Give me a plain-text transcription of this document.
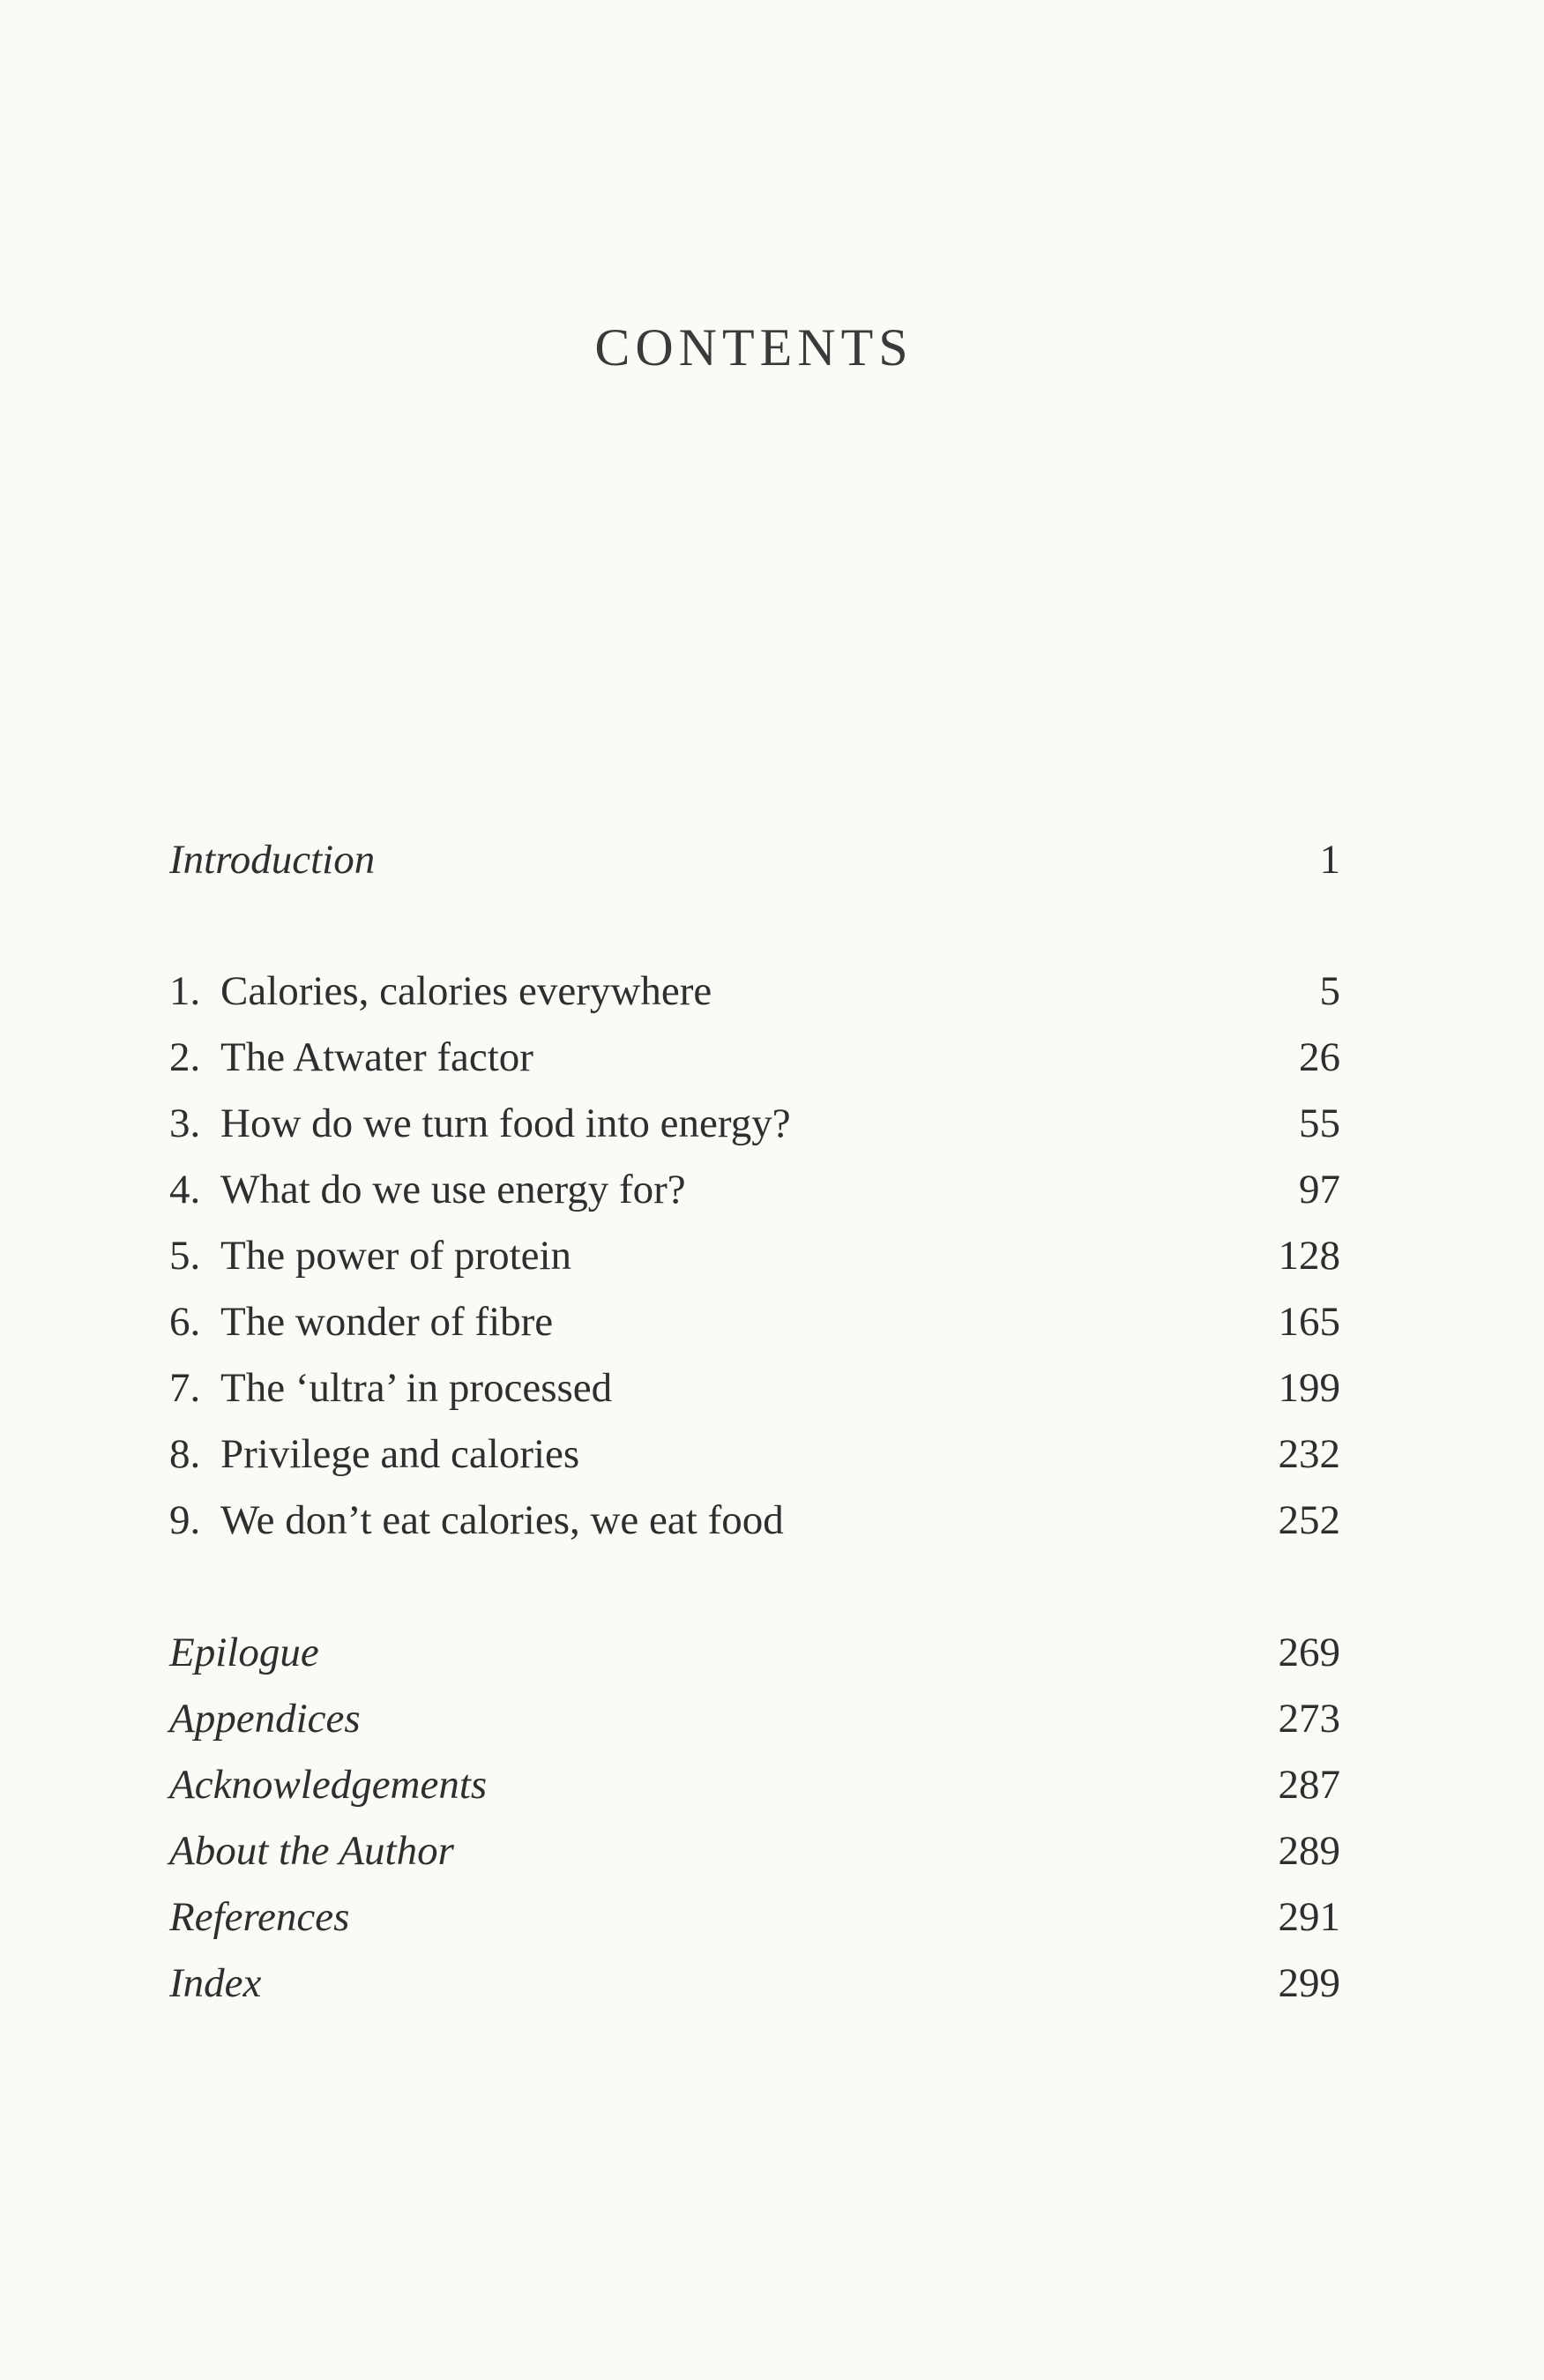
CONTENTS
Introduction	1
1. Calories, calories everywhere	5
2. The Atwater factor	26
3. How do we turn food into energy?	55
4. What do we use energy for?	97
5. The power of protein	128
6. The wonder of fibre	165
7. The ‘ultra’ in processed	199
8. Privilege and calories	232
9. We don’t eat calories, we eat food	252
Epilogue	269
Appendices	273
Acknowledgements	287
About the Author	289
References	291
Index	299
